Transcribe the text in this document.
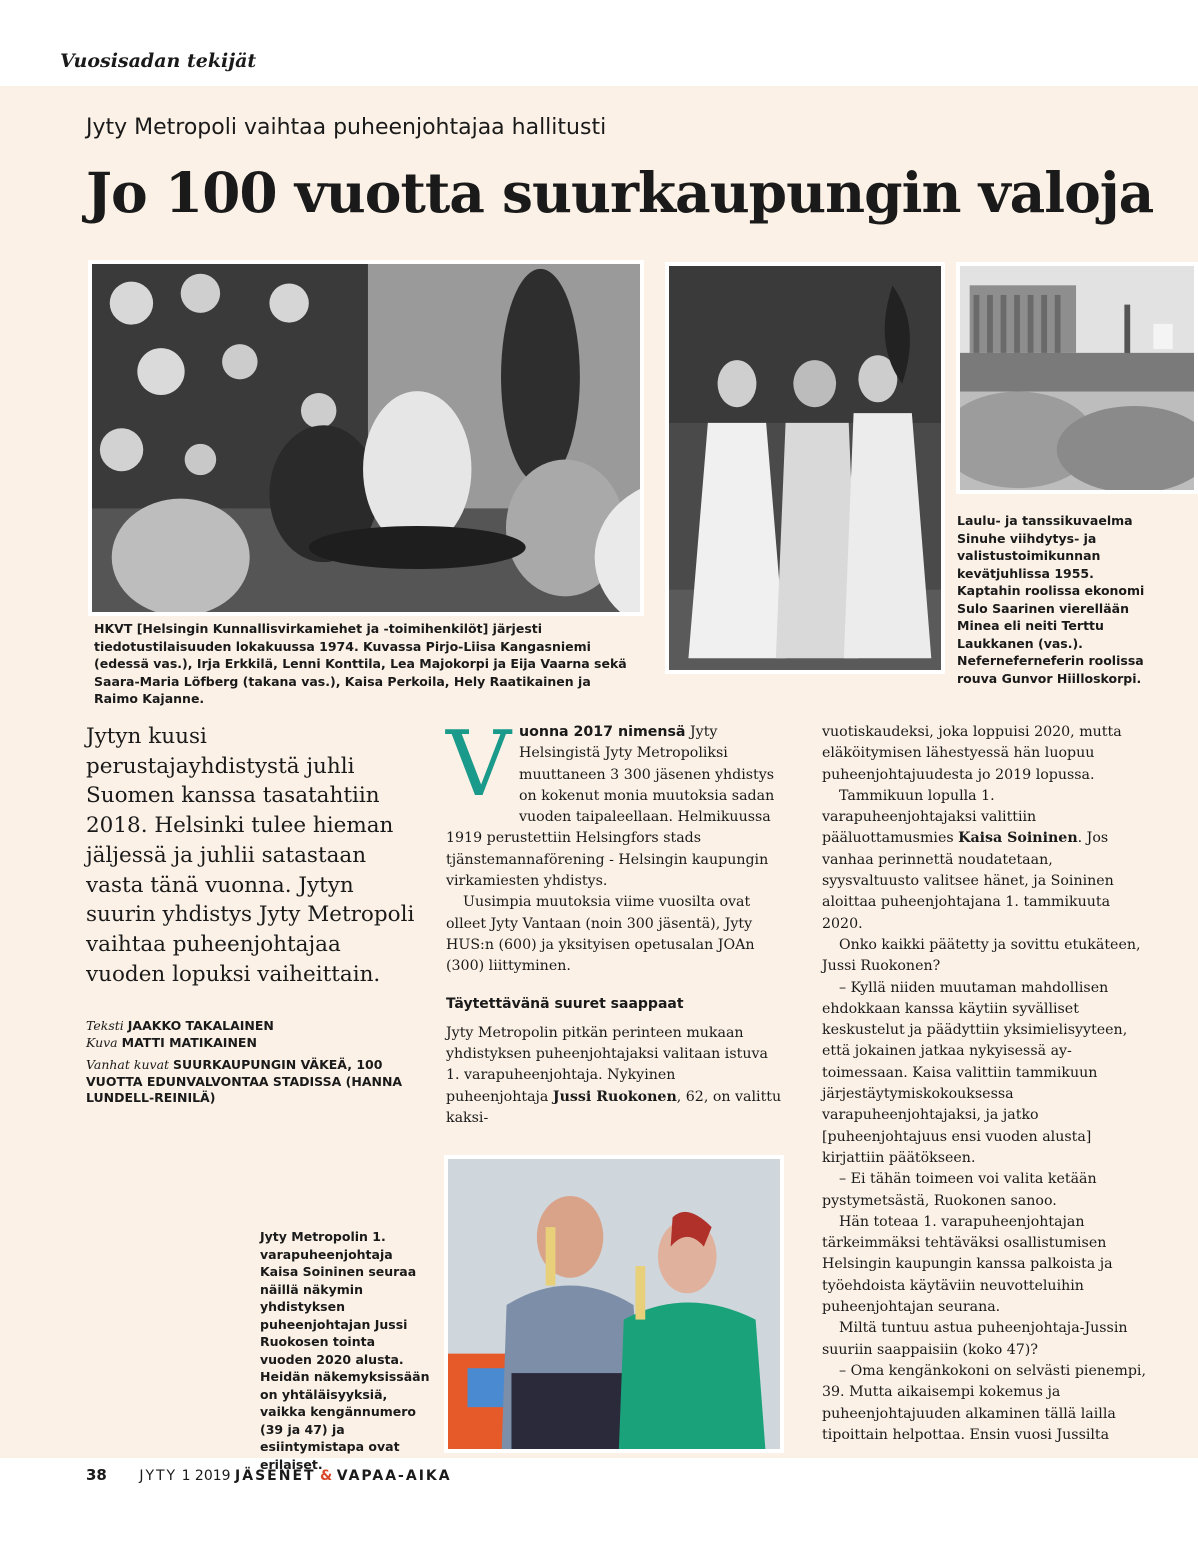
Vuosisadan tekijät
Jyty Metropoli vaihtaa puheenjohtajaa hallitusti
Jo 100 vuotta suurkaupungin valoja
HKVT [Helsingin Kunnallisvirkamiehet ja -toimihenkilöt] järjesti tiedotustilaisuuden lokakuussa 1974. Kuvassa Pirjo-Liisa Kangasniemi (edessä vas.), Irja Erkkilä, Lenni Konttila, Lea Majokorpi ja Eija Vaarna sekä Saara-Maria Löfberg (takana vas.), Kaisa Perkoila, Hely Raatikainen ja Raimo Kajanne.
Laulu- ja tanssikuvaelma Sinuhe viihdytys- ja valistustoimikunnan kevätjuhlissa 1955. Kaptahin roolissa ekonomi Sulo Saarinen vierellään Minea eli neiti Terttu Laukkanen (vas.). Neferneferneferin roolissa rouva Gunvor Hiilloskorpi.
Jytyn kuusi perustajayhdistystä juhli Suomen kanssa tasatahtiin 2018. Helsinki tulee hieman jäljessä ja juhlii satastaan vasta tänä vuonna. Jytyn suurin yhdistys Jyty Metropoli vaihtaa puheenjohtajaa vuoden lopuksi vaiheittain.

Teksti JAAKKO TAKALAINEN
Kuva MATTI MATIKAINEN

Vanhat kuvat SUURKAUPUNGIN VÄKEÄ, 100 VUOTTA EDUNVALVONTAA STADISSA (HANNA LUNDELL-REINILÄ)

V uonna 2017 nimensä Jyty Helsingistä Jyty Metropoliksi muuttaneen 3 300 jäsenen yhdistys on kokenut monia muutoksia sadan vuoden taipaleellaan. Helmikuussa 1919 perustettiin Helsingfors stads tjänstemannaförening - Helsingin kaupungin virkamiesten yhdistys.

Uusimpia muutoksia viime vuosilta ovat olleet Jyty Vantaan (noin 300 jäsentä), Jyty HUS:n (600) ja yksityisen opetusalan JOAn (300) liittyminen.

Täytettävänä suuret saappaat

Jyty Metropolin pitkän perinteen mukaan yhdistyksen puheenjohtajaksi valitaan istuva 1. varapuheenjohtaja. Nykyinen puheenjohtaja Jussi Ruokonen, 62, on valittu kaksi-

Jyty Metropolin 1. varapuheenjohtaja Kaisa Soininen seuraa näillä näkymin yhdistyksen puheenjohtajan Jussi Ruokosen tointa vuoden 2020 alusta. Heidän näkemyksissään on yhtäläisyyksiä, vaikka kengännumero (39 ja 47) ja esiintymistapa ovat erilaiset.

vuotiskaudeksi, joka loppuisi 2020, mutta eläköitymisen lähestyessä hän luopuu puheenjohtajuudesta jo 2019 lopussa.

Tammikuun lopulla 1. varapuheenjohtajaksi valittiin pääluottamusmies Kaisa Soininen. Jos vanhaa perinnettä noudatetaan, syysvaltuusto valitsee hänet, ja Soininen aloittaa puheenjohtajana 1. tammikuuta 2020.

Onko kaikki päätetty ja sovittu etukäteen, Jussi Ruokonen?

– Kyllä niiden muutaman mahdollisen ehdokkaan kanssa käytiin syvälliset keskustelut ja päädyttiin yksimielisyyteen, että jokainen jatkaa nykyisessä ay-toimessaan. Kaisa valittiin tammikuun järjestäytymiskokouksessa varapuheenjohtajaksi, ja jatko [puheenjohtajuus ensi vuoden alusta] kirjattiin päätökseen.

– Ei tähän toimeen voi valita ketään pystymetsästä, Ruokonen sanoo.

Hän toteaa 1. varapuheenjohtajan tärkeimmäksi tehtäväksi osallistumisen Helsingin kaupungin kanssa palkoista ja työehdoista käytäviin neuvotteluihin puheenjohtajan seurana.

Miltä tuntuu astua puheenjohtaja-Jussin suuriin saappaisiin (koko 47)?

– Oma kengänkokoni on selvästi pienempi, 39. Mutta aikaisempi kokemus ja puheenjohtajuuden alkaminen tällä lailla tipoittain helpottaa. Ensin vuosi Jussilta

38 JYTY 1 2019 JÄSENET & VAPAA-AIKA
